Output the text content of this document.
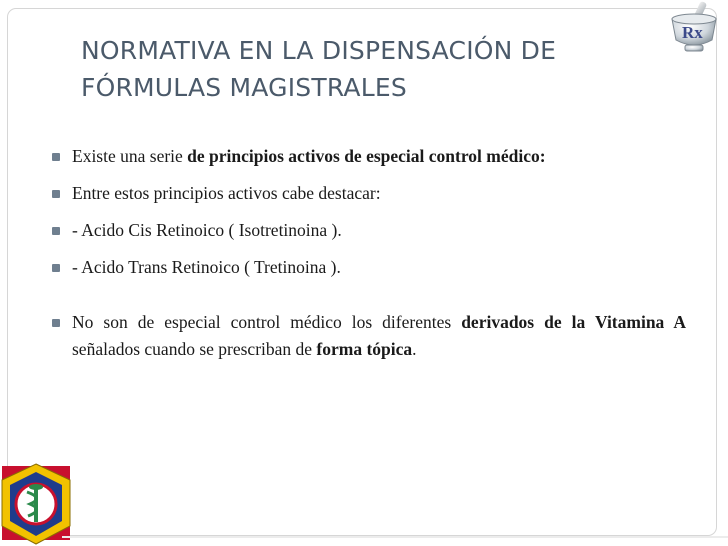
NORMATIVA EN LA DISPENSACIÓN DE
FÓRMULAS MAGISTRALES
Rx
Existe una serie de principios activos de especial control médico:
Entre estos principios activos cabe destacar:
- Acido Cis Retinoico ( Isotretinoina ).
- Acido Trans Retinoico ( Tretinoina ).
No son de especial control médico los diferentes derivados de la Vitamina A señalados cuando se prescriban de forma tópica.
